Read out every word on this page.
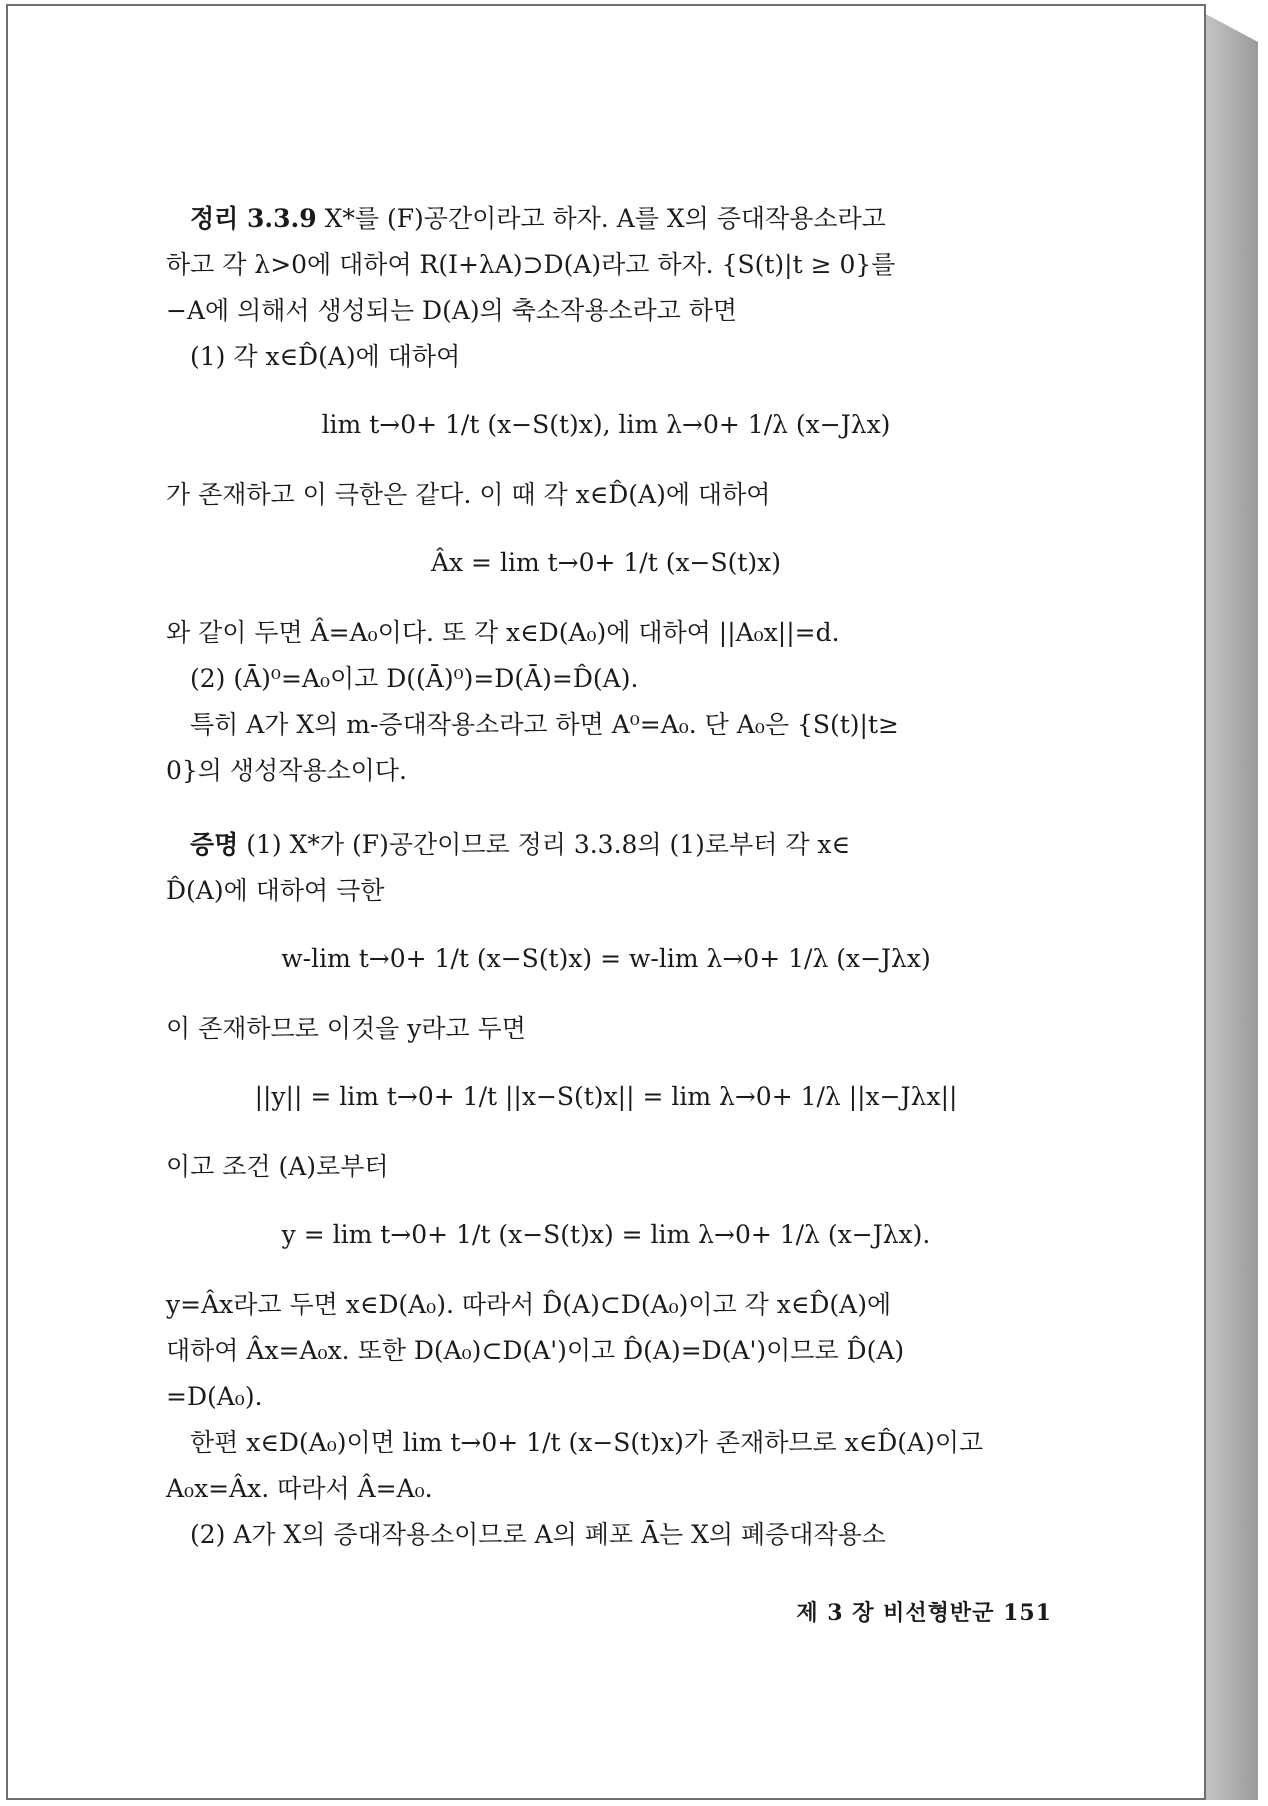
정리 3.3.9 X*를 (F)공간이라고 하자. A를 X의 증대작용소라고

하고 각 λ>0에 대하여 R(I+λA)⊃D(A)라고 하자. {S(t)|t ≥ 0}를

−A에 의해서 생성되는 D(A)의 축소작용소라고 하면

(1) 각 x∈D̂(A)에 대하여

lim t→0+ 1/t (x−S(t)x), lim λ→0+ 1/λ (x−Jλx)

가 존재하고 이 극한은 같다. 이 때 각 x∈D̂(A)에 대하여

Âx = lim t→0+ 1/t (x−S(t)x)

와 같이 두면 Â=A₀이다. 또 각 x∈D(A₀)에 대하여 ||A₀x||=d.

(2) (Ā)⁰=A₀이고 D((Ā)⁰)=D(Ā)=D̂(A).

특히 A가 X의 m-증대작용소라고 하면 A⁰=A₀. 단 A₀은 {S(t)|t≥

0}의 생성작용소이다.

증명 (1) X*가 (F)공간이므로 정리 3.3.8의 (1)로부터 각 x∈

D̂(A)에 대하여 극한

w-lim t→0+ 1/t (x−S(t)x) = w-lim λ→0+ 1/λ (x−Jλx)

이 존재하므로 이것을 y라고 두면

||y|| = lim t→0+ 1/t ||x−S(t)x|| = lim λ→0+ 1/λ ||x−Jλx||

이고 조건 (A)로부터

y = lim t→0+ 1/t (x−S(t)x) = lim λ→0+ 1/λ (x−Jλx).

y=Âx라고 두면 x∈D(A₀). 따라서 D̂(A)⊂D(A₀)이고 각 x∈D̂(A)에

대하여 Âx=A₀x. 또한 D(A₀)⊂D(A')이고 D̂(A)=D(A')이므로 D̂(A)

=D(A₀).

한편 x∈D(A₀)이면 lim t→0+ 1/t (x−S(t)x)가 존재하므로 x∈D̂(A)이고

A₀x=Âx. 따라서 Â=A₀.

(2) A가 X의 증대작용소이므로 A의 폐포 Ā는 X의 폐증대작용소

제 3 장 비선형반군 151
